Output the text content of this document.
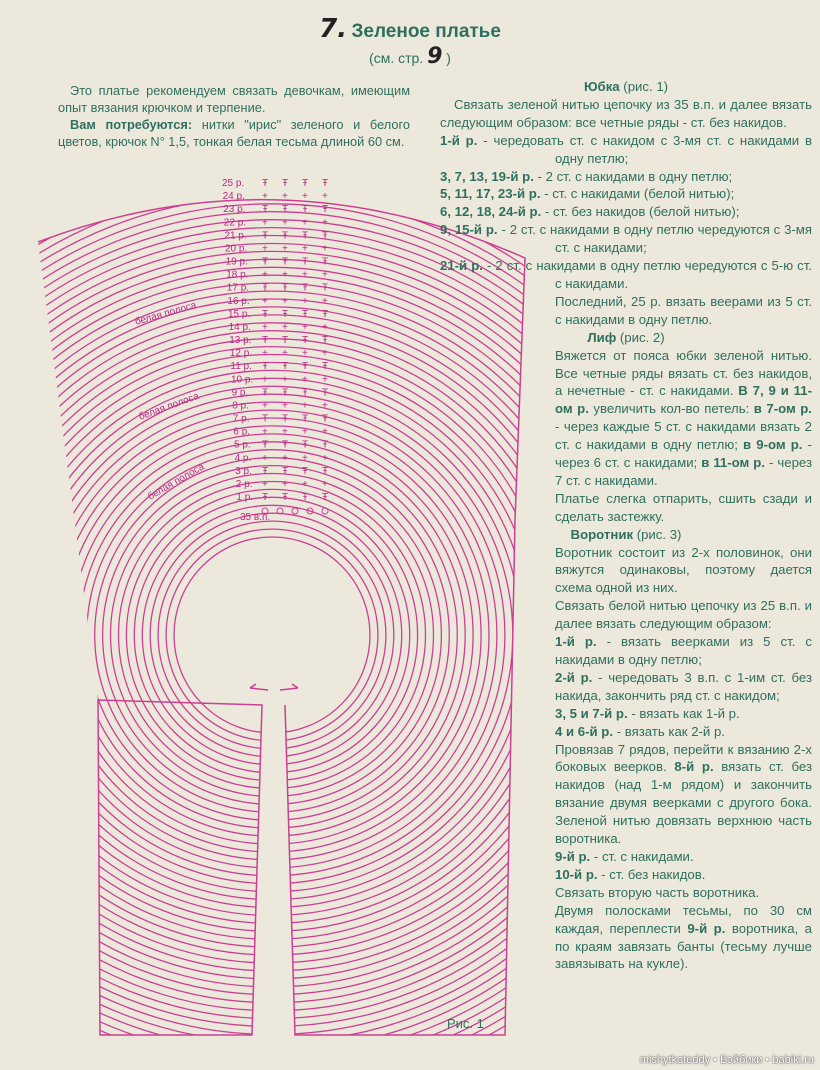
7. Зеленое платье
(см. стр. 9 )

Это платье рекомендуем связать девочкам, имеющим опыт вязания крючком и терпение.

Вам потребуются: нитки "ирис" зеленого и белого цветов, крючок N° 1,5, тонкая белая тесьма длиной 60 см.

25 р.
24 р.
23 р.
22 р.
21 р.
20 р.
19 р.
18 р.
17 р.
16 р.
15 р.
14 р.
13 р.
12 р.
11 р.
10 р.
9 р.
8 р.
7 р.
6 р.
5 р.
4 р.
3 р.
2 р.
1 р.
Ŧ Ŧ Ŧ Ŧ
+ + + +
Ŧ Ŧ Ŧ Ŧ
+ + + +
Ŧ Ŧ Ŧ Ŧ
+ + + +
Ŧ Ŧ Ŧ Ŧ
+ + + +
Ŧ Ŧ Ŧ Ŧ
+ + + +
Ŧ Ŧ Ŧ Ŧ
+ + + +
Ŧ Ŧ Ŧ Ŧ
+ + + +
Ŧ Ŧ Ŧ Ŧ
+ + + +
Ŧ Ŧ Ŧ Ŧ
+ + + +
Ŧ Ŧ Ŧ Ŧ
+ + + +
Ŧ Ŧ Ŧ Ŧ
+ + + +
Ŧ Ŧ Ŧ Ŧ
+ + + +
Ŧ Ŧ Ŧ Ŧ
белая полоса
белая полоса
белая полоса
35 в.п.

Юбка (рис. 1)

Связать зеленой нитью цепочку из 35 в.п. и далее вязать следующим образом: все четные ряды - ст. без накидов.

1-й р. - чередовать ст. с накидом с 3-мя ст. с накидами в одну петлю;

3, 7, 13, 19-й р. - 2 ст. с накидами в одну петлю;

5, 11, 17, 23-й р. - ст. с накидами (белой нитью);

6, 12, 18, 24-й р. - ст. без накидов (белой нитью);

9, 15-й р. - 2 ст. с накидами в одну петлю чередуются с 3-мя ст. с накидами;

21-й р. - 2 ст. с накидами в одну петлю чередуются с 5-ю ст. с накидами.

Последний, 25 р. вязать веерами из 5 ст. с накидами в одну петлю.

Лиф (рис. 2)

Вяжется от пояса юбки зеленой нитью. Все четные ряды вязать ст. без накидов, а нечетные - ст. с накидами. В 7, 9 и 11-ом р. увеличить кол-во петель: в 7-ом р. - через каждые 5 ст. с накидами вязать 2 ст. с накидами в одну петлю; в 9-ом р. - через 6 ст. с накидами; в 11-ом р. - через 7 ст. с накидами.

Платье слегка отпарить, сшить сзади и сделать застежку.

Воротник (рис. 3)

Воротник состоит из 2-х половинок, они вяжутся одинаковы, поэтому дается схема одной из них.

Связать белой нитью цепочку из 25 в.п. и далее вязать следующим образом:

1-й р. - вязать веерками из 5 ст. с накидами в одну петлю;

2-й р. - чередовать 3 в.п. с 1-им ст. без накида, закончить ряд ст. с накидом;

3, 5 и 7-й р. - вязать как 1-й р.

4 и 6-й р. - вязать как 2-й р.

Провязав 7 рядов, перейти к вязанию 2-х боковых веерков. 8-й р. вязать ст. без накидов (над 1-м рядом) и закончить вязание двумя веерками с другого бока. Зеленой нитью довязать верхнюю часть воротника.

9-й р. - ст. с накидами.

10-й р. - ст. без накидов.

Связать вторую часть воротника.

Двумя полосками тесьмы, по 30 см каждая, переплести 9-й р. воротника, а по краям завязать банты (тесьму лучше завязывать на кукле).

Рис. 1
mishytkateddy • Бэйбики • babiki.ru
